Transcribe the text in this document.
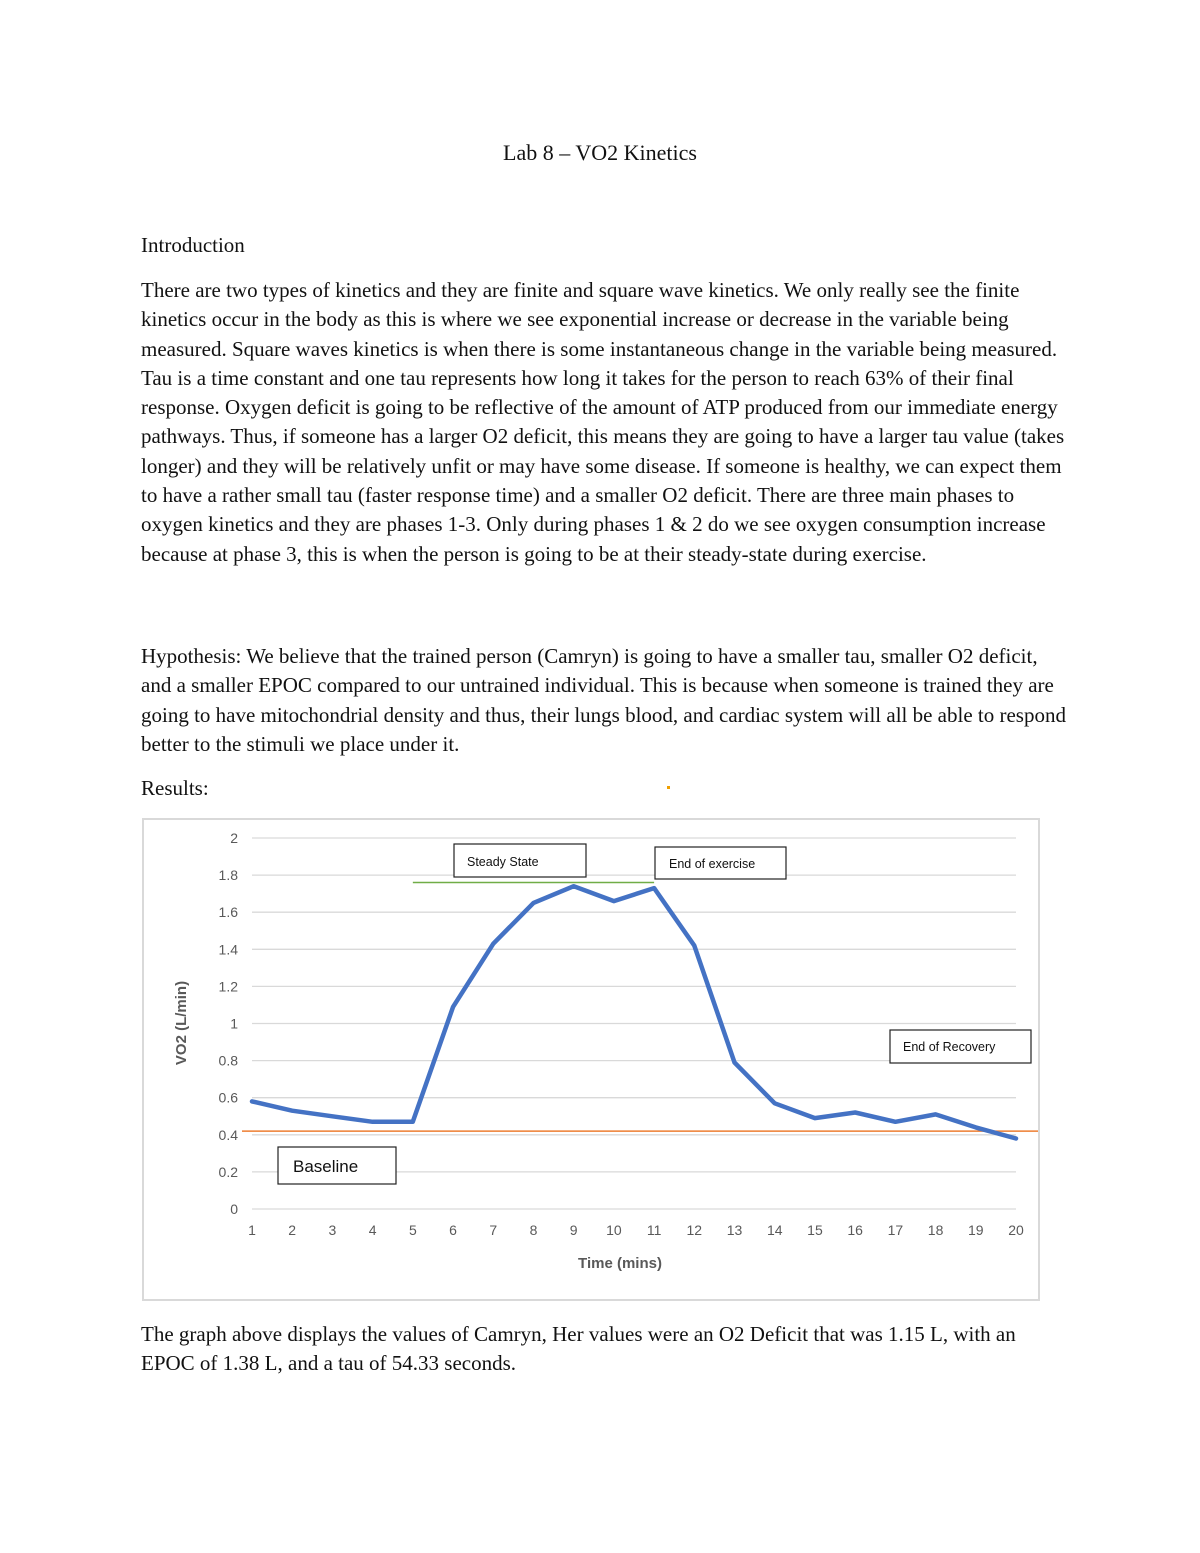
Lab 8 – VO2 Kinetics

Introduction

There are two types of kinetics and they are finite and square wave kinetics. We only really see the finite kinetics occur in the body as this is where we see exponential increase or decrease in the variable being measured. Square waves kinetics is when there is some instantaneous change in the variable being measured. Tau is a time constant and one tau represents how long it takes for the person to reach 63% of their final response. Oxygen deficit is going to be reflective of the amount of ATP produced from our immediate energy pathways. Thus, if someone has a larger O2 deficit, this means they are going to have a larger tau value (takes longer) and they will be relatively unfit or may have some disease. If someone is healthy, we can expect them to have a rather small tau (faster response time) and a smaller O2 deficit. There are three main phases to oxygen kinetics and they are phases 1-3. Only during phases 1 & 2 do we see oxygen consumption increase because at phase 3, this is when the person is going to be at their steady-state during exercise.

Hypothesis: We believe that the trained person (Camryn) is going to have a smaller tau, smaller O2 deficit, and a smaller EPOC compared to our untrained individual. This is because when someone is trained they are going to have mitochondrial density and thus, their lungs blood, and cardiac system will all be able to respond better to the stimuli we place under it.

Results:

0
0.2
0.4
0.6
0.8
1
1.2
1.4
1.6
1.8
2
1 2 3 4 5 6 7 8 9 10 11 12 13 14 15 16 17 18 19 20
VO2 (L/min)
Time (mins)
Steady State	End of exercise
End of Recovery
Baseline

The graph above displays the values of Camryn, Her values were an O2 Deficit that was 1.15 L, with an EPOC of 1.38 L, and a tau of 54.33 seconds.
